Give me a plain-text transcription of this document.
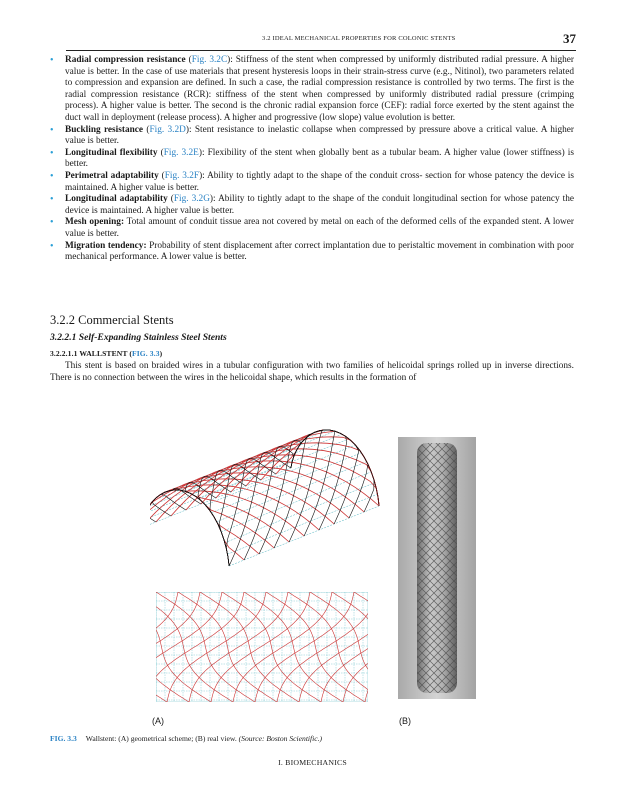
3.2 IDEAL MECHANICAL PROPERTIES FOR COLONIC STENTS	37
• Radial compression resistance (Fig. 3.2C): Stiffness of the stent when compressed by uniformly distributed radial pressure. A higher value is better. In the case of use materials that present hysteresis loops in their strain-stress curve (e.g., Nitinol), two parameters related to compression and expansion are defined. In such a case, the radial compression resistance is controlled by two terms. The first is the radial compression resistance (RCR): stiffness of the stent when compressed by uniformly distributed radial pressure (crimping process). A higher value is better. The second is the chronic radial expansion force (CEF): radial force exerted by the stent against the duct wall in deployment (release process). A higher and progressive (low slope) value evolution is better.
• Buckling resistance (Fig. 3.2D): Stent resistance to inelastic collapse when compressed by pressure above a critical value. A higher value is better.
• Longitudinal flexibility (Fig. 3.2E): Flexibility of the stent when globally bent as a tubular beam. A higher value (lower stiffness) is better.
• Perimetral adaptability (Fig. 3.2F): Ability to tightly adapt to the shape of the conduit cross- section for whose patency the device is maintained. A higher value is better.
• Longitudinal adaptability (Fig. 3.2G): Ability to tightly adapt to the shape of the conduit longitudinal section for whose patency the device is maintained. A higher value is better.
• Mesh opening: Total amount of conduit tissue area not covered by metal on each of the deformed cells of the expanded stent. A lower value is better.
• Migration tendency: Probability of stent displacement after correct implantation due to peristaltic movement in combination with poor mechanical performance. A lower value is better.
3.2.2 Commercial Stents
3.2.2.1 Self-Expanding Stainless Steel Stents
3.2.2.1.1 WALLSTENT (FIG. 3.3)

This stent is based on braided wires in a tubular configuration with two families of helicoidal springs rolled up in inverse directions. There is no connection between the wires in the helicoidal shape, which results in the formation of

(A)	(B)
FIG. 3.3 Wallstent: (A) geometrical scheme; (B) real view. (Source: Boston Scientific.)
I. BIOMECHANICS
